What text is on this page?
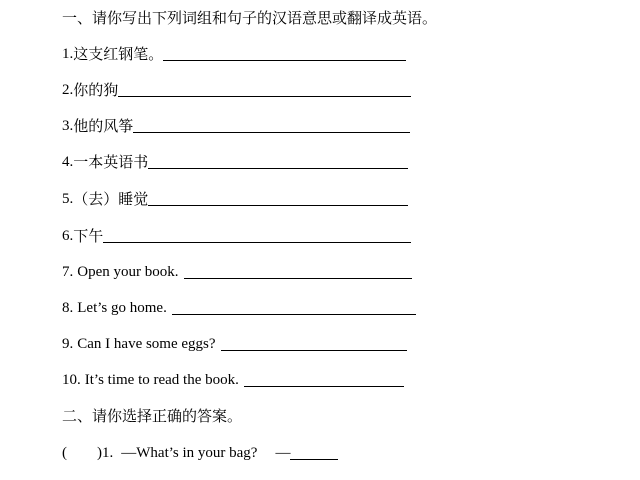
一、请你写出下列词组和句子的汉语意思或翻译成英语。
1. 这支红钢笔。
2. 你的狗
3. 他的风筝
4. 一本英语书
5. （去）睡觉
6. 下午
7. Open your book.
8. Let’s go home.
9. Can I have some eggs?
10. It’s time to read the book.
二、请你选择正确的答案。
( ) 1. — What’s in your bag? —
